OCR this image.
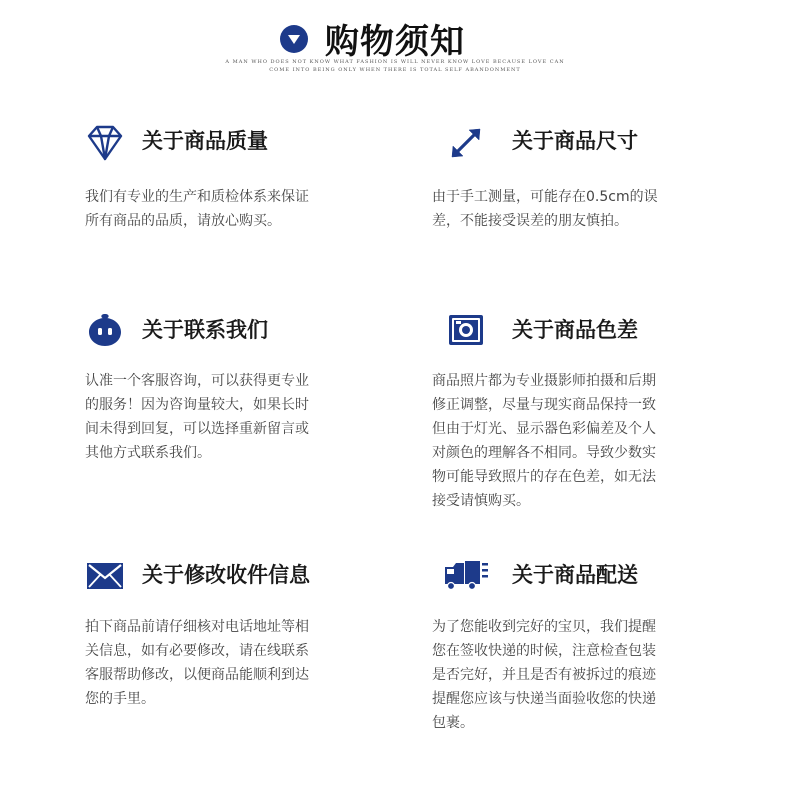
购物须知
A MAN WHO DOES NOT KNOW WHAT FASHION IS WILL NEVER KNOW LOVE BECAUSE LOVE CAN
COME INTO BEING ONLY WHEN THERE IS TOTAL SELF ABANDONMENT
关于商品质量
我们有专业的生产和质检体系来保证
所有商品的品质，请放心购买。
关于商品尺寸
由于手工测量，可能存在0.5cm的误
差，不能接受误差的朋友慎拍。
关于联系我们
认准一个客服咨询，可以获得更专业
的服务！因为咨询量较大，如果长时
间未得到回复，可以选择重新留言或
其他方式联系我们。
关于商品色差
商品照片都为专业摄影师拍摄和后期
修正调整，尽量与现实商品保持一致
但由于灯光、显示器色彩偏差及个人
对颜色的理解各不相同。导致少数实
物可能导致照片的存在色差，如无法
接受请慎购买。
关于修改收件信息
拍下商品前请仔细核对电话地址等相
关信息，如有必要修改，请在线联系
客服帮助修改，以便商品能顺利到达
您的手里。
关于商品配送
为了您能收到完好的宝贝，我们提醒
您在签收快递的时候，注意检查包装
是否完好，并且是否有被拆过的痕迹
提醒您应该与快递当面验收您的快递
包裹。
